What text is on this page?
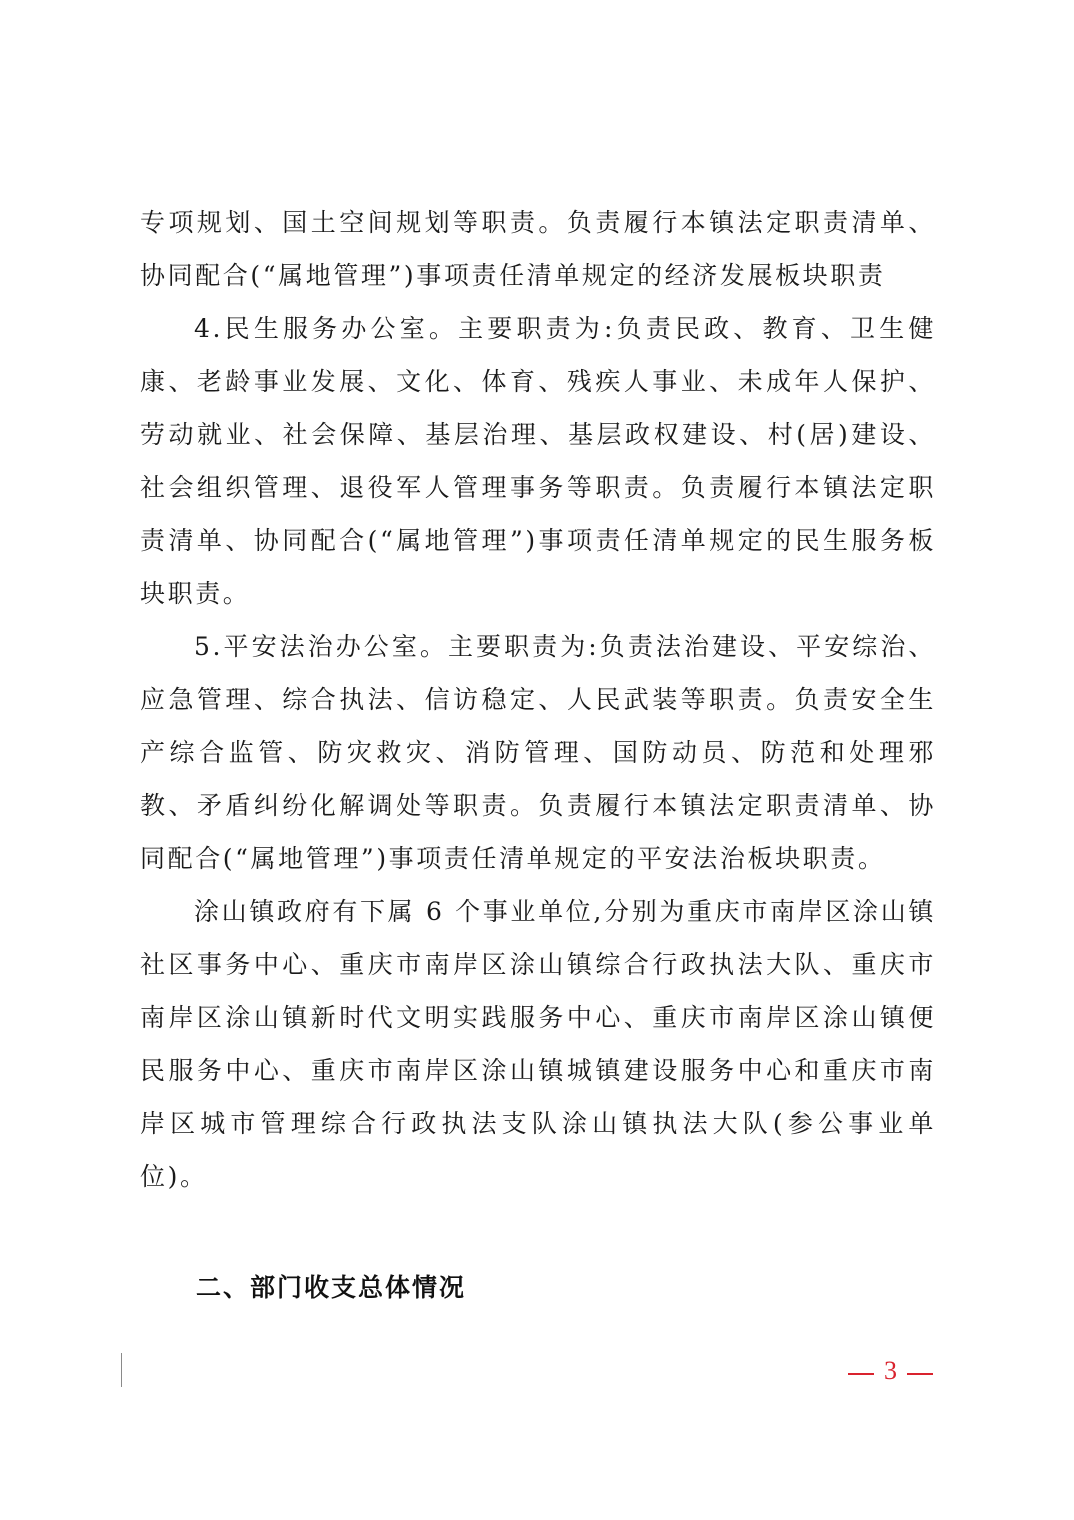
专项规划、国土空间规划等职责。负责履行本镇法定职责清单、协同配合(“属地管理”)事项责任清单规定的经济发展板块职责

4.民生服务办公室。主要职责为:负责民政、教育、卫生健康、老龄事业发展、文化、体育、残疾人事业、未成年人保护、劳动就业、社会保障、基层治理、基层政权建设、村(居)建设、社会组织管理、退役军人管理事务等职责。负责履行本镇法定职责清单、协同配合(“属地管理”)事项责任清单规定的民生服务板块职责。

5.平安法治办公室。主要职责为:负责法治建设、平安综治、应急管理、综合执法、信访稳定、人民武装等职责。负责安全生产综合监管、防灾救灾、消防管理、国防动员、防范和处理邪教、矛盾纠纷化解调处等职责。负责履行本镇法定职责清单、协同配合(“属地管理”)事项责任清单规定的平安法治板块职责。

涂山镇政府有下属 6 个事业单位,分别为重庆市南岸区涂山镇社区事务中心、重庆市南岸区涂山镇综合行政执法大队、重庆市南岸区涂山镇新时代文明实践服务中心、重庆市南岸区涂山镇便民服务中心、重庆市南岸区涂山镇城镇建设服务中心和重庆市南岸区城市管理综合行政执法支队涂山镇执法大队(参公事业单位)。

二、部门收支总体情况
3
